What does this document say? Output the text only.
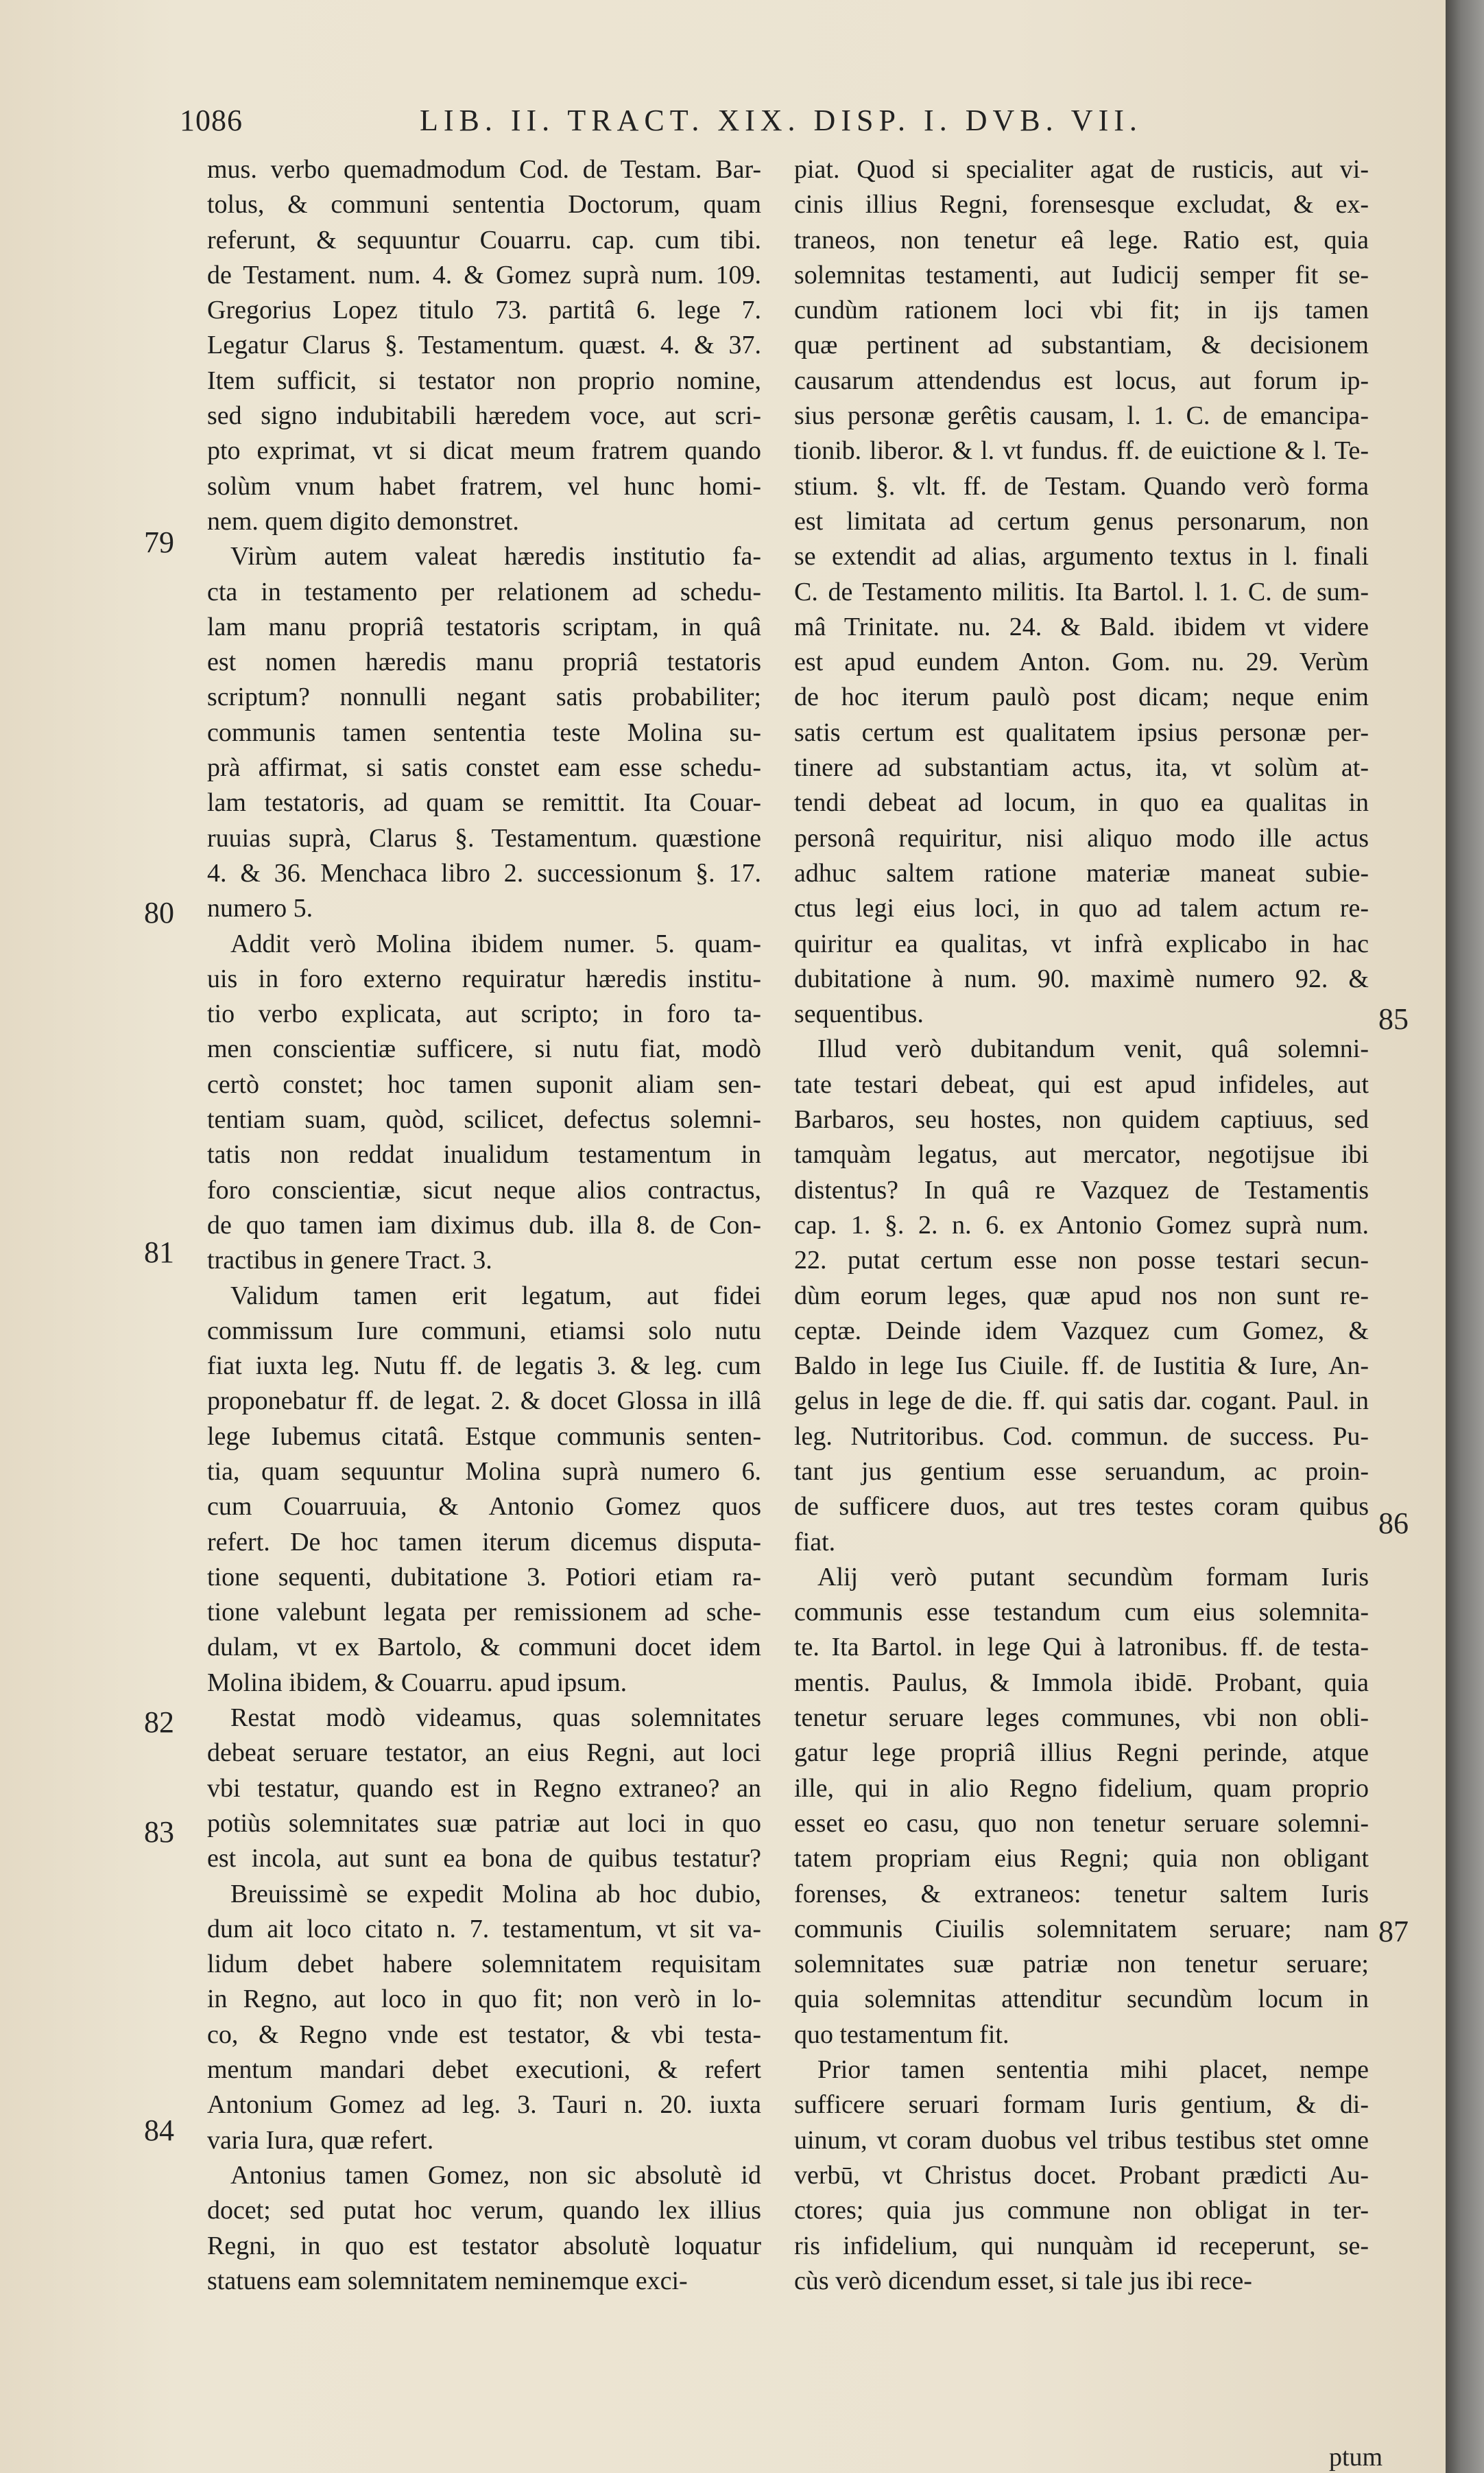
1086	LIB. II. TRACT. XIX. DISP. I. DVB. VII.
mus. verbo quemadmodum Cod. de Testam. Bar-
tolus, & communi sententia Doctorum, quam
referunt, & sequuntur Couarru. cap. cum tibi.
de Testament. num. 4. & Gomez suprà num. 109.
Gregorius Lopez titulo 73. partitâ 6. lege 7.
Legatur Clarus §. Testamentum. quæst. 4. & 37.
Item sufficit, si testator non proprio nomine,
sed signo indubitabili hæredem voce, aut scri-
pto exprimat, vt si dicat meum fratrem quando
solùm vnum habet fratrem, vel hunc homi-
nem. quem digito demonstret.
Virùm autem valeat hæredis institutio fa-
cta in testamento per relationem ad schedu-
lam manu propriâ testatoris scriptam, in quâ
est nomen hæredis manu propriâ testatoris
scriptum? nonnulli negant satis probabiliter;
communis tamen sententia teste Molina su-
prà affirmat, si satis constet eam esse schedu-
lam testatoris, ad quam se remittit. Ita Couar-
ruuias suprà, Clarus §. Testamentum. quæstione
4. & 36. Menchaca libro 2. successionum §. 17.
numero 5.
Addit verò Molina ibidem numer. 5. quam-
uis in foro externo requiratur hæredis institu-
tio verbo explicata, aut scripto; in foro ta-
men conscientiæ sufficere, si nutu fiat, modò
certò constet; hoc tamen suponit aliam sen-
tentiam suam, quòd, scilicet, defectus solemni-
tatis non reddat inualidum testamentum in
foro conscientiæ, sicut neque alios contractus,
de quo tamen iam diximus dub. illa 8. de Con-
tractibus in genere Tract. 3.
Validum tamen erit legatum, aut fidei
commissum Iure communi, etiamsi solo nutu
fiat iuxta leg. Nutu ff. de legatis 3. & leg. cum
proponebatur ff. de legat. 2. & docet Glossa in illâ
lege Iubemus citatâ. Estque communis senten-
tia, quam sequuntur Molina suprà numero 6.
cum Couarruuia, & Antonio Gomez quos
refert. De hoc tamen iterum dicemus disputa-
tione sequenti, dubitatione 3. Potiori etiam ra-
tione valebunt legata per remissionem ad sche-
dulam, vt ex Bartolo, & communi docet idem
Molina ibidem, & Couarru. apud ipsum.
Restat modò videamus, quas solemnitates
debeat seruare testator, an eius Regni, aut loci
vbi testatur, quando est in Regno extraneo? an
potiùs solemnitates suæ patriæ aut loci in quo
est incola, aut sunt ea bona de quibus testatur?
Breuissimè se expedit Molina ab hoc dubio,
dum ait loco citato n. 7. testamentum, vt sit va-
lidum debet habere solemnitatem requisitam
in Regno, aut loco in quo fit; non verò in lo-
co, & Regno vnde est testator, & vbi testa-
mentum mandari debet executioni, & refert
Antonium Gomez ad leg. 3. Tauri n. 20. iuxta
varia Iura, quæ refert.
Antonius tamen Gomez, non sic absolutè id
docet; sed putat hoc verum, quando lex illius
Regni, in quo est testator absolutè loquatur
statuens eam solemnitatem neminemque exci-
piat. Quod si specialiter agat de rusticis, aut vi-
cinis illius Regni, forensesque excludat, & ex-
traneos, non tenetur eâ lege. Ratio est, quia
solemnitas testamenti, aut Iudicij semper fit se-
cundùm rationem loci vbi fit; in ijs tamen
quæ pertinent ad substantiam, & decisionem
causarum attendendus est locus, aut forum ip-
sius personæ gerêtis causam, l. 1. C. de emancipa-
tionib. liberor. & l. vt fundus. ff. de euictione & l. Te-
stium. §. vlt. ff. de Testam. Quando verò forma
est limitata ad certum genus personarum, non
se extendit ad alias, argumento textus in l. finali
C. de Testamento militis. Ita Bartol. l. 1. C. de sum-
mâ Trinitate. nu. 24. & Bald. ibidem vt videre
est apud eundem Anton. Gom. nu. 29. Verùm
de hoc iterum paulò post dicam; neque enim
satis certum est qualitatem ipsius personæ per-
tinere ad substantiam actus, ita, vt solùm at-
tendi debeat ad locum, in quo ea qualitas in
personâ requiritur, nisi aliquo modo ille actus
adhuc saltem ratione materiæ maneat subie-
ctus legi eius loci, in quo ad talem actum re-
quiritur ea qualitas, vt infrà explicabo in hac
dubitatione à num. 90. maximè numero 92. &
sequentibus.
Illud verò dubitandum venit, quâ solemni-
tate testari debeat, qui est apud infideles, aut
Barbaros, seu hostes, non quidem captiuus, sed
tamquàm legatus, aut mercator, negotijsue ibi
distentus? In quâ re Vazquez de Testamentis
cap. 1. §. 2. n. 6. ex Antonio Gomez suprà num.
22. putat certum esse non posse testari secun-
dùm eorum leges, quæ apud nos non sunt re-
ceptæ. Deinde idem Vazquez cum Gomez, &
Baldo in lege Ius Ciuile. ff. de Iustitia & Iure, An-
gelus in lege de die. ff. qui satis dar. cogant. Paul. in
leg. Nutritoribus. Cod. commun. de success. Pu-
tant jus gentium esse seruandum, ac proin-
de sufficere duos, aut tres testes coram quibus
fiat.
Alij verò putant secundùm formam Iuris
communis esse testandum cum eius solemnita-
te. Ita Bartol. in lege Qui à latronibus. ff. de testa-
mentis. Paulus, & Immola ibidē. Probant, quia
tenetur seruare leges communes, vbi non obli-
gatur lege propriâ illius Regni perinde, atque
ille, qui in alio Regno fidelium, quam proprio
esset eo casu, quo non tenetur seruare solemni-
tatem propriam eius Regni; quia non obligant
forenses, & extraneos: tenetur saltem Iuris
communis Ciuilis solemnitatem seruare; nam
solemnitates suæ patriæ non tenetur seruare;
quia solemnitas attenditur secundùm locum in
quo testamentum fit.
Prior tamen sententia mihi placet, nempe
sufficere seruari formam Iuris gentium, & di-
uinum, vt coram duobus vel tribus testibus stet omne
verbū, vt Christus docet. Probant prædicti Au-
ctores; quia jus commune non obligat in ter-
ris infidelium, qui nunquàm id receperunt, se-
cùs verò dicendum esset, si tale jus ibi rece-
79
80
81
82
83
84
85
86
87
ptum
